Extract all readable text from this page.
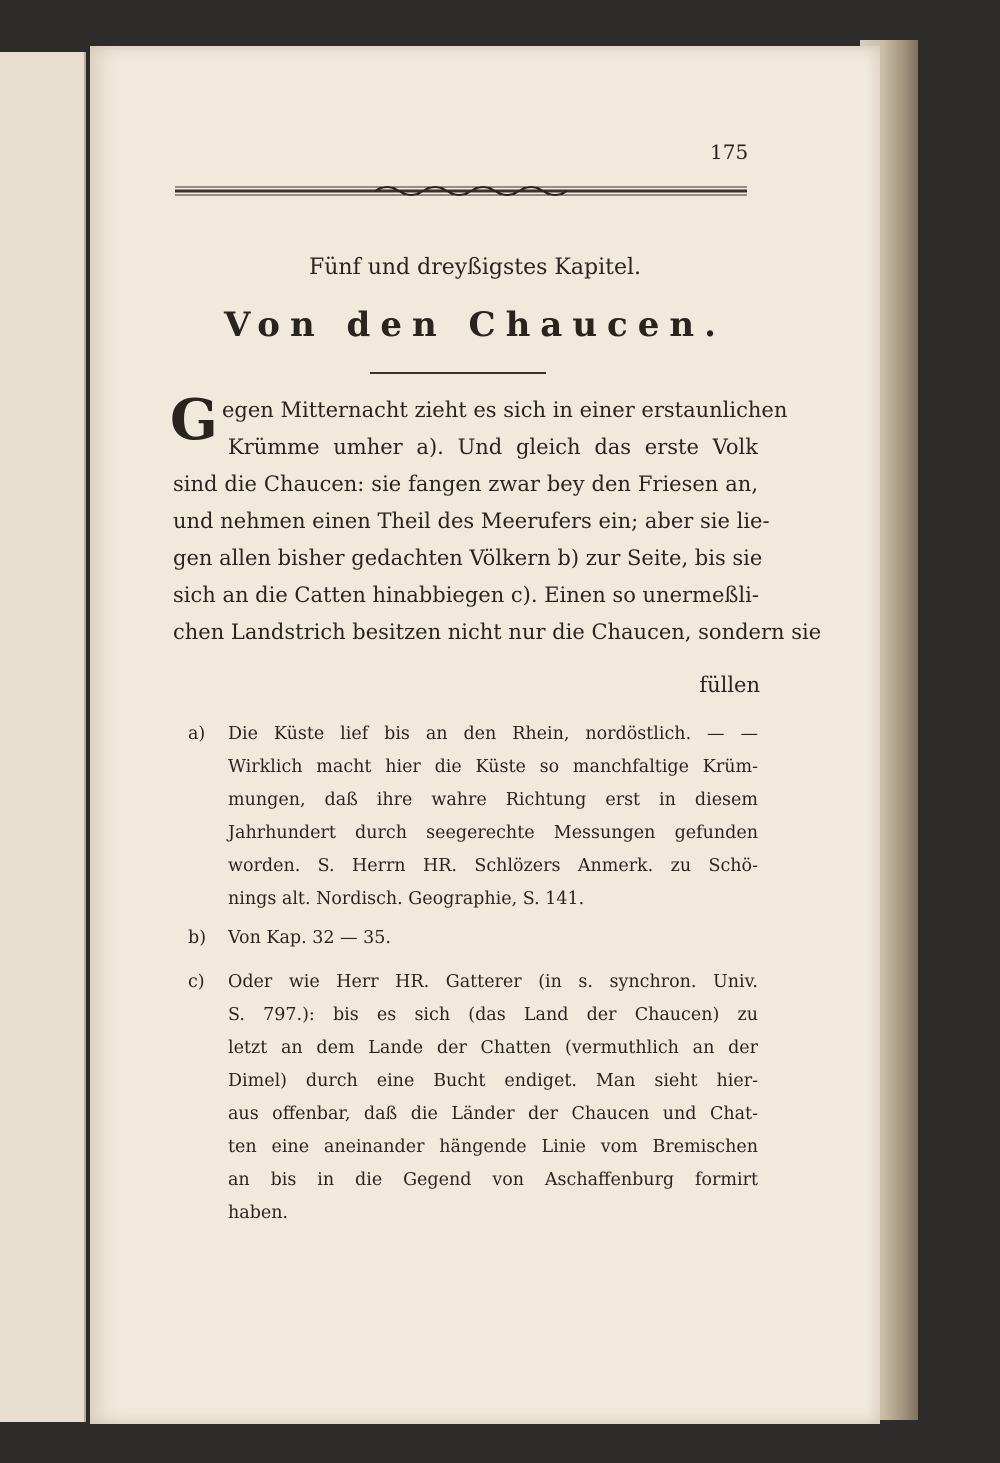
175
Fünf und dreyßigstes Kapitel.
Von den Chaucen.
G egen Mitternacht zieht es sich in einer erstaunlichen
Krümme umher a). Und gleich das erste Volk
sind die Chaucen: sie fangen zwar bey den Friesen an,
und nehmen einen Theil des Meerufers ein; aber sie lie-
gen allen bisher gedachten Völkern b) zur Seite, bis sie
sich an die Catten hinabbiegen c). Einen so unermeßli-
chen Landstrich besitzen nicht nur die Chaucen, sondern sie
füllen
a) Die Küste lief bis an den Rhein, nordöstlich. — —
Wirklich macht hier die Küste so manchfaltige Krüm-
mungen, daß ihre wahre Richtung erst in diesem
Jahrhundert durch seegerechte Messungen gefunden
worden. S. Herrn HR. Schlözers Anmerk. zu Schö-
nings alt. Nordisch. Geographie, S. 141.
b) Von Kap. 32 — 35.
c) Oder wie Herr HR. Gatterer (in s. synchron. Univ.
S. 797.): bis es sich (das Land der Chaucen) zu
letzt an dem Lande der Chatten (vermuthlich an der
Dimel) durch eine Bucht endiget. Man sieht hier-
aus offenbar, daß die Länder der Chaucen und Chat-
ten eine aneinander hängende Linie vom Bremischen
an bis in die Gegend von Aschaffenburg formirt
haben.
